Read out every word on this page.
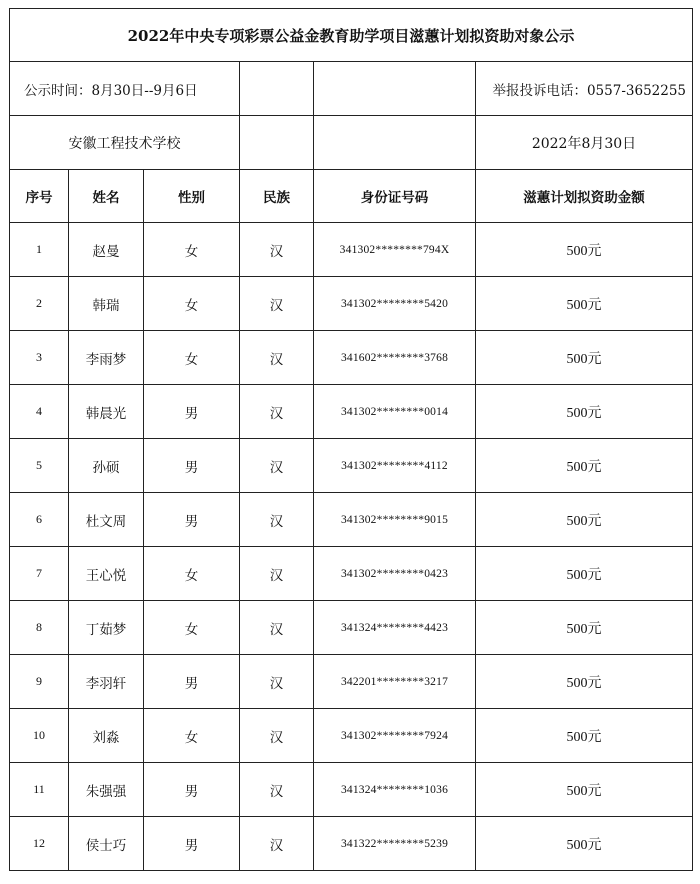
2022年中央专项彩票公益金教育助学项目滋蕙计划拟资助对象公示					
公示时间：8月30日--9月6日					举报投诉电话：0557-3652255
安徽工程技术学校					2022年8月30日
序号	姓名	性别	民族	身份证号码	滋蕙计划拟资助金额
1	赵曼	女	汉	341302********794X	500元
2	韩瑞	女	汉	341302********5420	500元
3	李雨梦	女	汉	341602********3768	500元
4	韩晨光	男	汉	341302********0014	500元
5	孙硕	男	汉	341302********4112	500元
6	杜文周	男	汉	341302********9015	500元
7	王心悦	女	汉	341302********0423	500元
8	丁茹梦	女	汉	341324********4423	500元
9	李羽轩	男	汉	342201********3217	500元
10	刘淼	女	汉	341302********7924	500元
11	朱强强	男	汉	341324********1036	500元
12	侯士巧	男	汉	341322********5239	500元
